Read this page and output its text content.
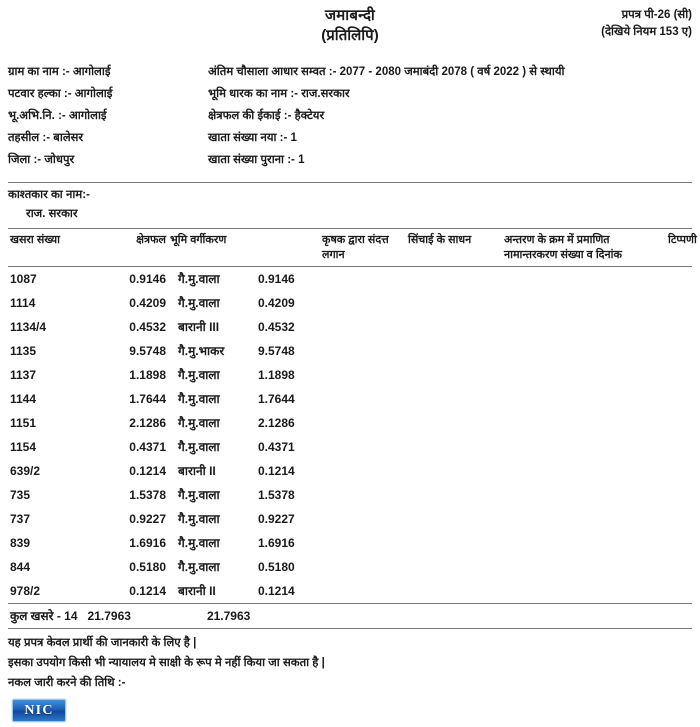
जमाबन्दी
(प्रतिलिपि)
प्रपत्र पी-26 (सी)
(देखिये नियम 153 ए)
ग्राम का नाम :- आगोलाई	अंतिम चौसाला आधार सम्वत :- 2077 - 2080 जमाबंदी 2078 ( वर्ष 2022 ) से स्थायी
पटवार हल्का :- आगोलाई	भूमि धारक का नाम :- राज.सरकार
भू.अभि.नि. :- आगोलाई	क्षेत्रफल की ईकाई :- हैक्टेयर
तहसील :- बालेसर	खाता संख्या नया :- 1
जिला :- जोधपुर	खाता संख्या पुराना :- 1
काश्तकार का नाम:-
राज. सरकार
खसरा संख्या	क्षेत्रफल	भूमि वर्गीकरण		कृषक द्वारा संदत्त लगान	सिंचाई के साधन	अन्तरण के क्रम में प्रमाणित नामान्तरकरण संख्या व दिनांक	टिप्पणी
1087	0.9146	गै.मु.वाला	0.9146				
1114	0.4209	गै.मु.वाला	0.4209				
1134/4	0.4532	बारानी III	0.4532				
1135	9.5748	गै.मु.भाकर	9.5748				
1137	1.1898	गै.मु.वाला	1.1898				
1144	1.7644	गै.मु.वाला	1.7644				
1151	2.1286	गै.मु.वाला	2.1286				
1154	0.4371	गै.मु.वाला	0.4371				
639/2	0.1214	बारानी II	0.1214				
735	1.5378	गै.मु.वाला	1.5378				
737	0.9227	गै.मु.वाला	0.9227				
839	1.6916	गै.मु.वाला	1.6916				
844	0.5180	गै.मु.वाला	0.5180				
978/2	0.1214	बारानी II	0.1214				
कुल खसरे - 14 21.7963	21.7963
यह प्रपत्र केवल प्रार्थी की जानकारी के लिए है |
इसका उपयोग किसी भी न्यायालय मे साक्षी के रूप मे नहीं किया जा सकता है |
नकल जारी करने की तिथि :-
NIC
